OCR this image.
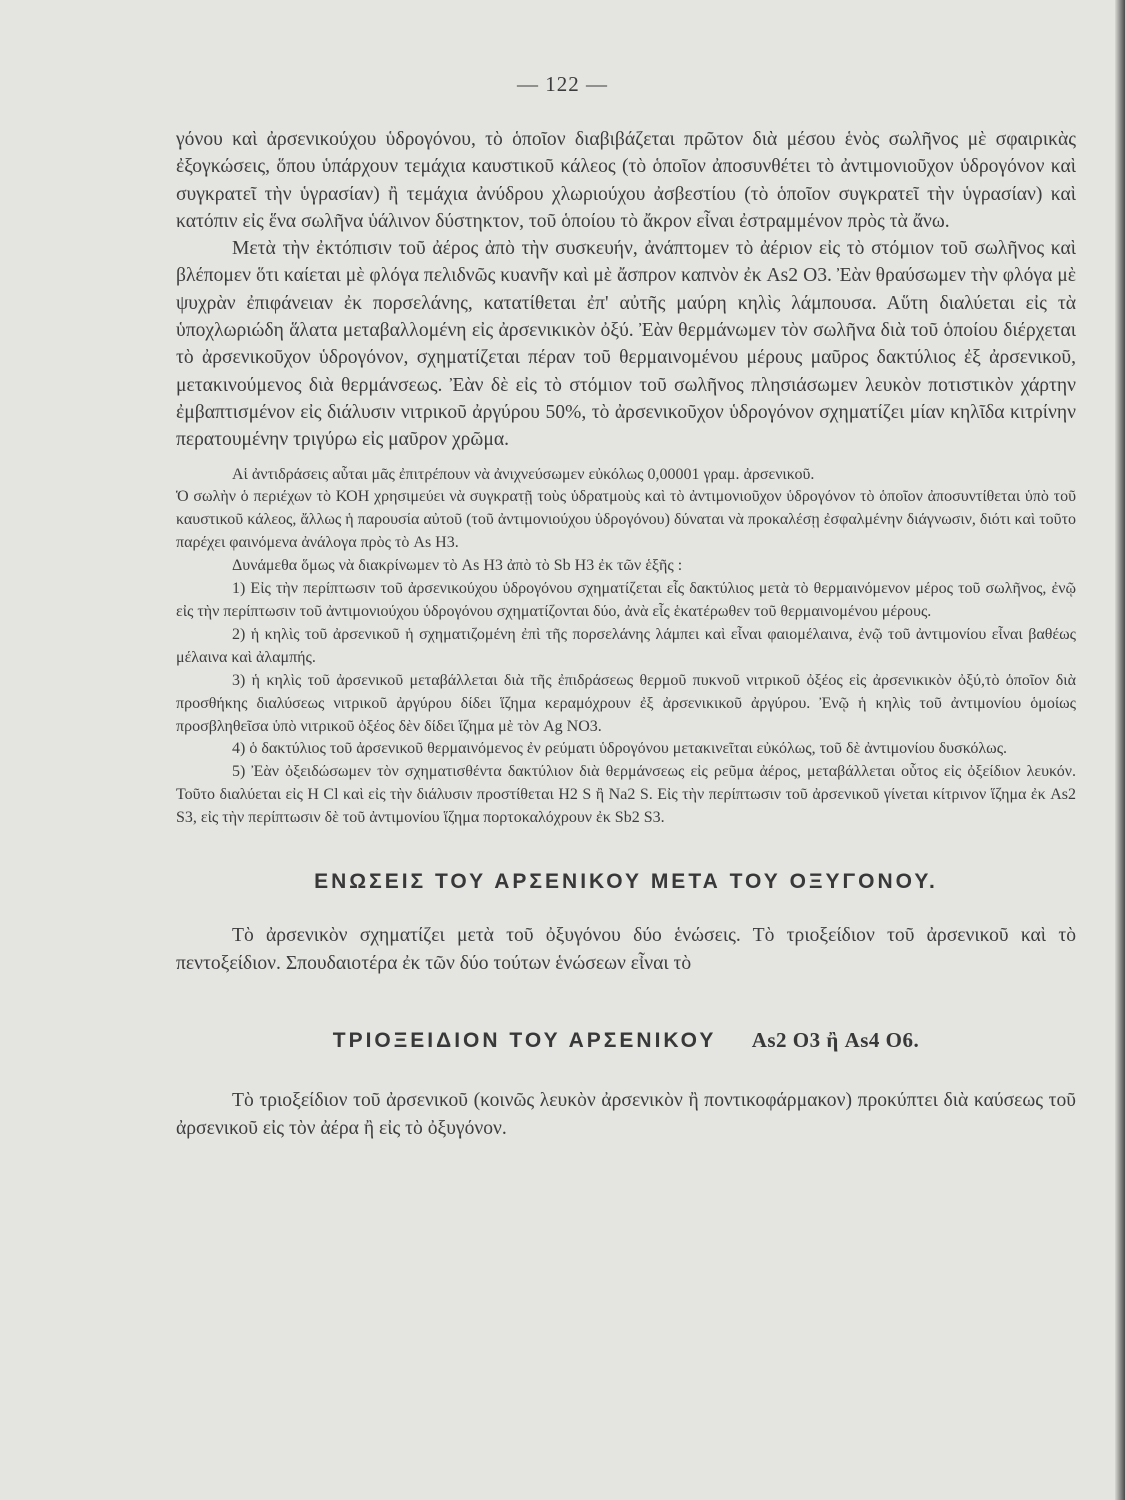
— 122 —

γόνου καὶ ἀρσενικούχου ὑδρογόνου, τὸ ὁποῖον διαβιβάζεται πρῶτον διὰ μέσου ἑνὸς σωλῆνος μὲ σφαιρικὰς ἐξογκώσεις, ὅπου ὑπάρχουν τεμάχια καυστικοῦ κάλεος (τὸ ὁποῖον ἀποσυνθέτει τὸ ἀντιμονιοῦχον ὑδρογόνον καὶ συγκρατεῖ τὴν ὑγρασίαν) ἢ τεμάχια ἀνύδρου χλωριούχου ἀσβεστίου (τὸ ὁποῖον συγκρατεῖ τὴν ὑγρασίαν) καὶ κατόπιν εἰς ἕνα σωλῆνα ὑάλινον δύστηκτον, τοῦ ὁποίου τὸ ἄκρον εἶναι ἐστραμμένον πρὸς τὰ ἄνω.

Μετὰ τὴν ἐκτόπισιν τοῦ ἀέρος ἀπὸ τὴν συσκευήν, ἀνάπτομεν τὸ ἀέριον εἰς τὸ στόμιον τοῦ σωλῆνος καὶ βλέπομεν ὅτι καίεται μὲ φλόγα πελιδνῶς κυανῆν καὶ μὲ ἄσπρον καπνὸν ἐκ As2 O3. Ἐὰν θραύσωμεν τὴν φλόγα μὲ ψυχρὰν ἐπιφάνειαν ἐκ πορσελάνης, κατατίθεται ἐπ' αὐτῆς μαύρη κηλὶς λάμπουσα. Αὕτη διαλύεται εἰς τὰ ὑποχλωριώδη ἅλατα μεταβαλλομένη εἰς ἀρσενικικὸν ὀξύ. Ἐὰν θερμάνωμεν τὸν σωλῆνα διὰ τοῦ ὁποίου διέρχεται τὸ ἀρσενικοῦχον ὑδρογόνον, σχηματίζεται πέραν τοῦ θερμαινομένου μέρους μαῦρος δακτύλιος ἐξ ἀρσενικοῦ, μετακινούμενος διὰ θερμάνσεως. Ἐὰν δὲ εἰς τὸ στόμιον τοῦ σωλῆνος πλησιάσωμεν λευκὸν ποτιστικὸν χάρτην ἐμβαπτισμένον εἰς διάλυσιν νιτρικοῦ ἀργύρου 50%, τὸ ἀρσενικοῦχον ὑδρογόνον σχηματίζει μίαν κηλῖδα κιτρίνην περατουμένην τριγύρω εἰς μαῦρον χρῶμα.

Αἱ ἀντιδράσεις αὗται μᾶς ἐπιτρέπουν νὰ ἀνιχνεύσωμεν εὐκόλως 0,00001 γραμ. ἀρσενικοῦ.

Ὁ σωλὴν ὁ περιέχων τὸ ΚΟΗ χρησιμεύει νὰ συγκρατῇ τοὺς ὑδρατμοὺς καὶ τὸ ἀντιμονιοῦχον ὑδρογόνον τὸ ὁποῖον ἀποσυντίθεται ὑπὸ τοῦ καυστικοῦ κάλεος, ἄλλως ἡ παρουσία αὐτοῦ (τοῦ ἀντιμονιούχου ὑδρογόνου) δύναται νὰ προκαλέσῃ ἐσφαλμένην διάγνωσιν, διότι καὶ τοῦτο παρέχει φαινόμενα ἀνάλογα πρὸς τὸ As H3.

Δυνάμεθα ὅμως νὰ διακρίνωμεν τὸ As H3 ἀπὸ τὸ Sb H3 ἐκ τῶν ἑξῆς :

1) Εἰς τὴν περίπτωσιν τοῦ ἀρσενικούχου ὑδρογόνου σχηματίζεται εἷς δακτύλιος μετὰ τὸ θερμαινόμενον μέρος τοῦ σωλῆνος, ἐνῷ εἰς τὴν περίπτωσιν τοῦ ἀντιμονιούχου ὑδρογόνου σχηματίζονται δύο, ἀνὰ εἷς ἑκατέρωθεν τοῦ θερμαινομένου μέρους.

2) ἡ κηλὶς τοῦ ἀρσενικοῦ ἡ σχηματιζομένη ἐπὶ τῆς πορσελάνης λάμπει καὶ εἶναι φαιομέλαινα, ἐνῷ τοῦ ἀντιμονίου εἶναι βαθέως μέλαινα καὶ ἀλαμπής.

3) ἡ κηλὶς τοῦ ἀρσενικοῦ μεταβάλλεται διὰ τῆς ἐπιδράσεως θερμοῦ πυκνοῦ νιτρικοῦ ὀξέος εἰς ἀρσενικικὸν ὀξύ,τὸ ὁποῖον διὰ προσθήκης διαλύσεως νιτρικοῦ ἀργύρου δίδει ἵζημα κεραμόχρουν ἐξ ἀρσενικικοῦ ἀργύρου. Ἐνῷ ἡ κηλὶς τοῦ ἀντιμονίου ὁμοίως προσβληθεῖσα ὑπὸ νιτρικοῦ ὀξέος δὲν δίδει ἵζημα μὲ τὸν Ag NO3.

4) ὁ δακτύλιος τοῦ ἀρσενικοῦ θερμαινόμενος ἐν ρεύματι ὑδρογόνου μετακινεῖται εὐκόλως, τοῦ δὲ ἀντιμονίου δυσκόλως.

5) Ἐὰν ὀξειδώσωμεν τὸν σχηματισθέντα δακτύλιον διὰ θερμάνσεως εἰς ρεῦμα ἀέρος, μεταβάλλεται οὗτος εἰς ὀξείδιον λευκόν. Τοῦτο διαλύεται εἰς H Cl καὶ εἰς τὴν διάλυσιν προστίθεται H2 S ἢ Na2 S. Εἰς τὴν περίπτωσιν τοῦ ἀρσενικοῦ γίνεται κίτρινον ἵζημα ἐκ As2 S3, εἰς τὴν περίπτωσιν δὲ τοῦ ἀντιμονίου ἵζημα πορτοκαλόχρουν ἐκ Sb2 S3.

ΕΝΩΣΕΙΣ ΤΟΥ ΑΡΣΕΝΙΚΟΥ ΜΕΤΑ ΤΟΥ ΟΞΥΓΟΝΟΥ.

Τὸ ἀρσενικὸν σχηματίζει μετὰ τοῦ ὀξυγόνου δύο ἑνώσεις. Τὸ τριοξείδιον τοῦ ἀρσενικοῦ καὶ τὸ πεντοξείδιον. Σπουδαιοτέρα ἐκ τῶν δύο τούτων ἑνώσεων εἶναι τὸ

ΤΡΙΟΞΕΙΔΙΟΝ ΤΟΥ ΑΡΣΕΝΙΚΟΥ As2 O3 ἢ As4 O6.

Τὸ τριοξείδιον τοῦ ἀρσενικοῦ (κοινῶς λευκὸν ἀρσενικὸν ἢ ποντικοφάρμακον) προκύπτει διὰ καύσεως τοῦ ἀρσενικοῦ εἰς τὸν ἀέρα ἢ εἰς τὸ ὀξυγόνον.
